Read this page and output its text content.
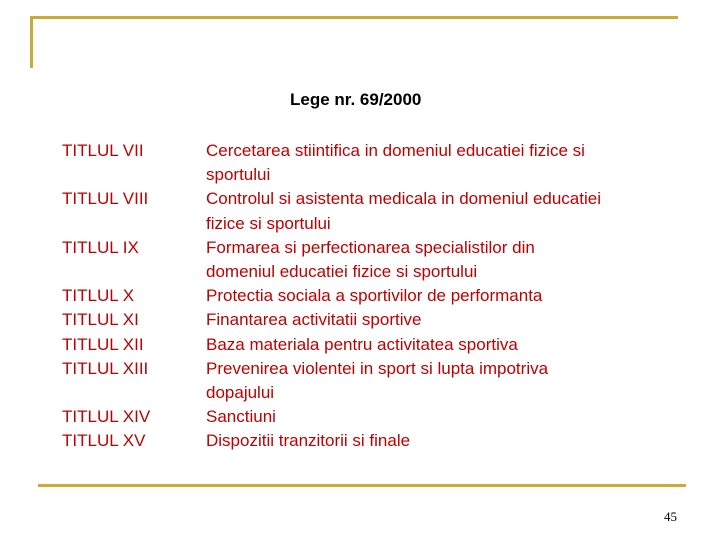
Lege nr. 69/2000
TITLUL VII
TITLUL VIII
TITLUL IX
TITLUL X
TITLUL XI
TITLUL XII
TITLUL XIII
TITLUL XIV
TITLUL XV
Cercetarea stiintifica in domeniul educatiei fizice si
sportului
Controlul si asistenta medicala in domeniul educatiei
fizice si sportului
Formarea si perfectionarea specialistilor din
domeniul educatiei fizice si sportului
Protectia sociala a sportivilor de performanta
Finantarea activitatii sportive
Baza materiala pentru activitatea sportiva
Prevenirea violentei in sport si lupta impotriva
dopajului
Sanctiuni
Dispozitii tranzitorii si finale
45
